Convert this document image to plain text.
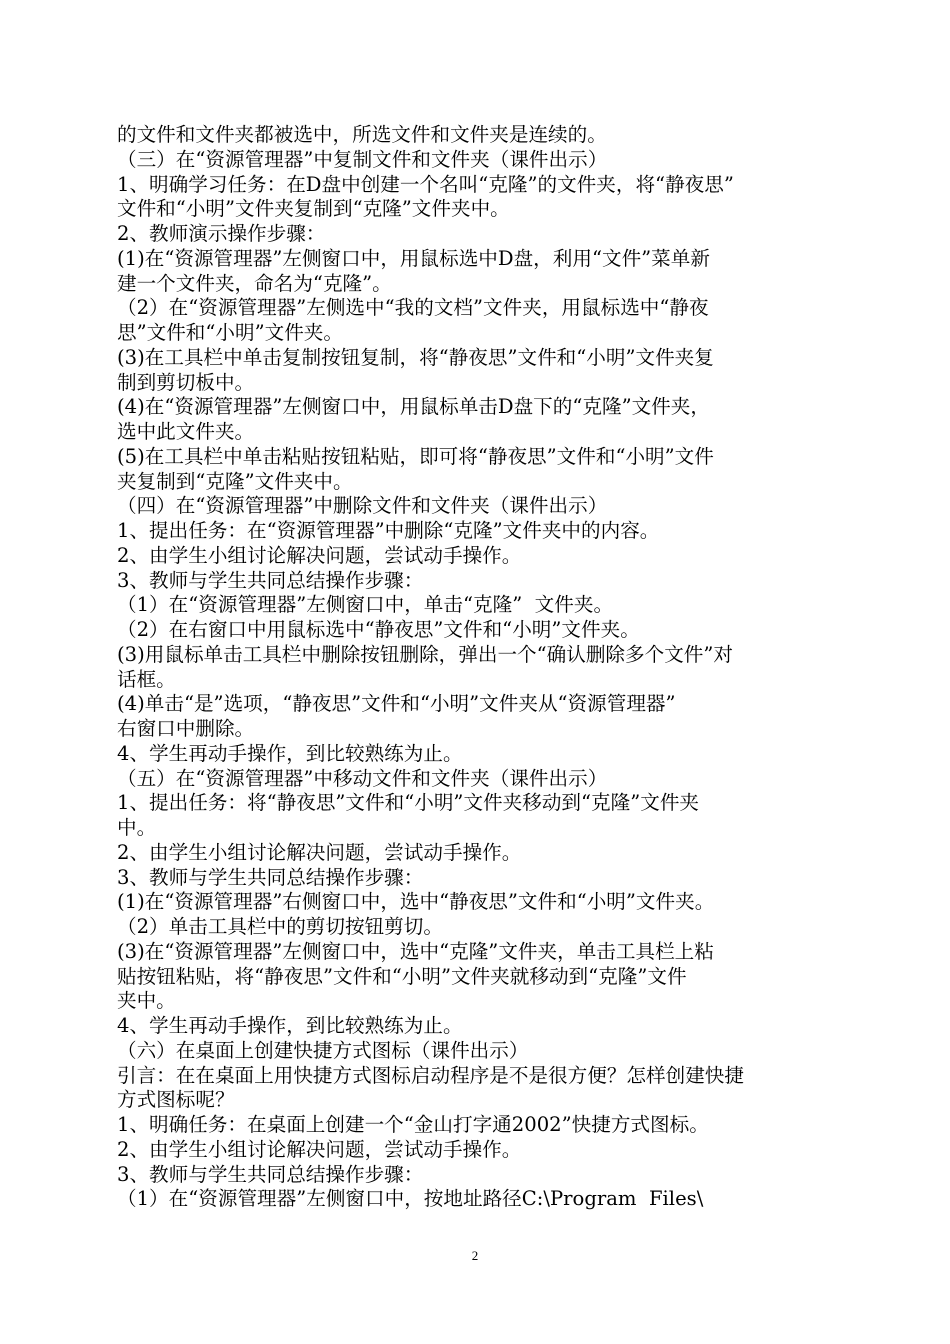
的文件和文件夹都被选中，所选文件和文件夹是连续的。
（三）在“资源管理器”中复制文件和文件夹（课件出示）
1、明确学习任务：在D盘中创建一个名叫“克隆”的文件夹，将“静夜思”
文件和“小明”文件夹复制到“克隆”文件夹中。
2、教师演示操作步骤：
(1)在“资源管理器”左侧窗口中，用鼠标选中D盘，利用“文件”菜单新
建一个文件夹，命名为“克隆”。
（2）在“资源管理器”左侧选中“我的文档”文件夹，用鼠标选中“静夜
思”文件和“小明”文件夹。
(3)在工具栏中单击复制按钮复制，将“静夜思”文件和“小明”文件夹复
制到剪切板中。
(4)在“资源管理器”左侧窗口中，用鼠标单击D盘下的“克隆”文件夹，
选中此文件夹。
(5)在工具栏中单击粘贴按钮粘贴，即可将“静夜思”文件和“小明”文件
夹复制到“克隆”文件夹中。
（四）在“资源管理器”中删除文件和文件夹（课件出示）
1、提出任务：在“资源管理器”中删除“克隆”文件夹中的内容。
2、由学生小组讨论解决问题，尝试动手操作。
3、教师与学生共同总结操作步骤：
（1）在“资源管理器”左侧窗口中，单击“克隆”  文件夹。
（2）在右窗口中用鼠标选中“静夜思”文件和“小明”文件夹。
(3)用鼠标单击工具栏中删除按钮删除，弹出一个“确认删除多个文件”对
话框。
(4)单击“是”选项，“静夜思”文件和“小明”文件夹从“资源管理器”
右窗口中删除。
4、学生再动手操作，到比较熟练为止。
（五）在“资源管理器”中移动文件和文件夹（课件出示）
1、提出任务：将“静夜思”文件和“小明”文件夹移动到“克隆”文件夹
中。
2、由学生小组讨论解决问题，尝试动手操作。
3、教师与学生共同总结操作步骤：
(1)在“资源管理器”右侧窗口中，选中“静夜思”文件和“小明”文件夹。
（2）单击工具栏中的剪切按钮剪切。
(3)在“资源管理器”左侧窗口中，选中“克隆”文件夹，单击工具栏上粘
贴按钮粘贴，将“静夜思”文件和“小明”文件夹就移动到“克隆”文件
夹中。
4、学生再动手操作，到比较熟练为止。
（六）在桌面上创建快捷方式图标（课件出示）
引言：在在桌面上用快捷方式图标启动程序是不是很方便？怎样创建快捷
方式图标呢？
1、明确任务：在桌面上创建一个“金山打字通2002”快捷方式图标。
2、由学生小组讨论解决问题，尝试动手操作。
3、教师与学生共同总结操作步骤：
（1）在“资源管理器”左侧窗口中，按地址路径C:\Program  Files\
2
